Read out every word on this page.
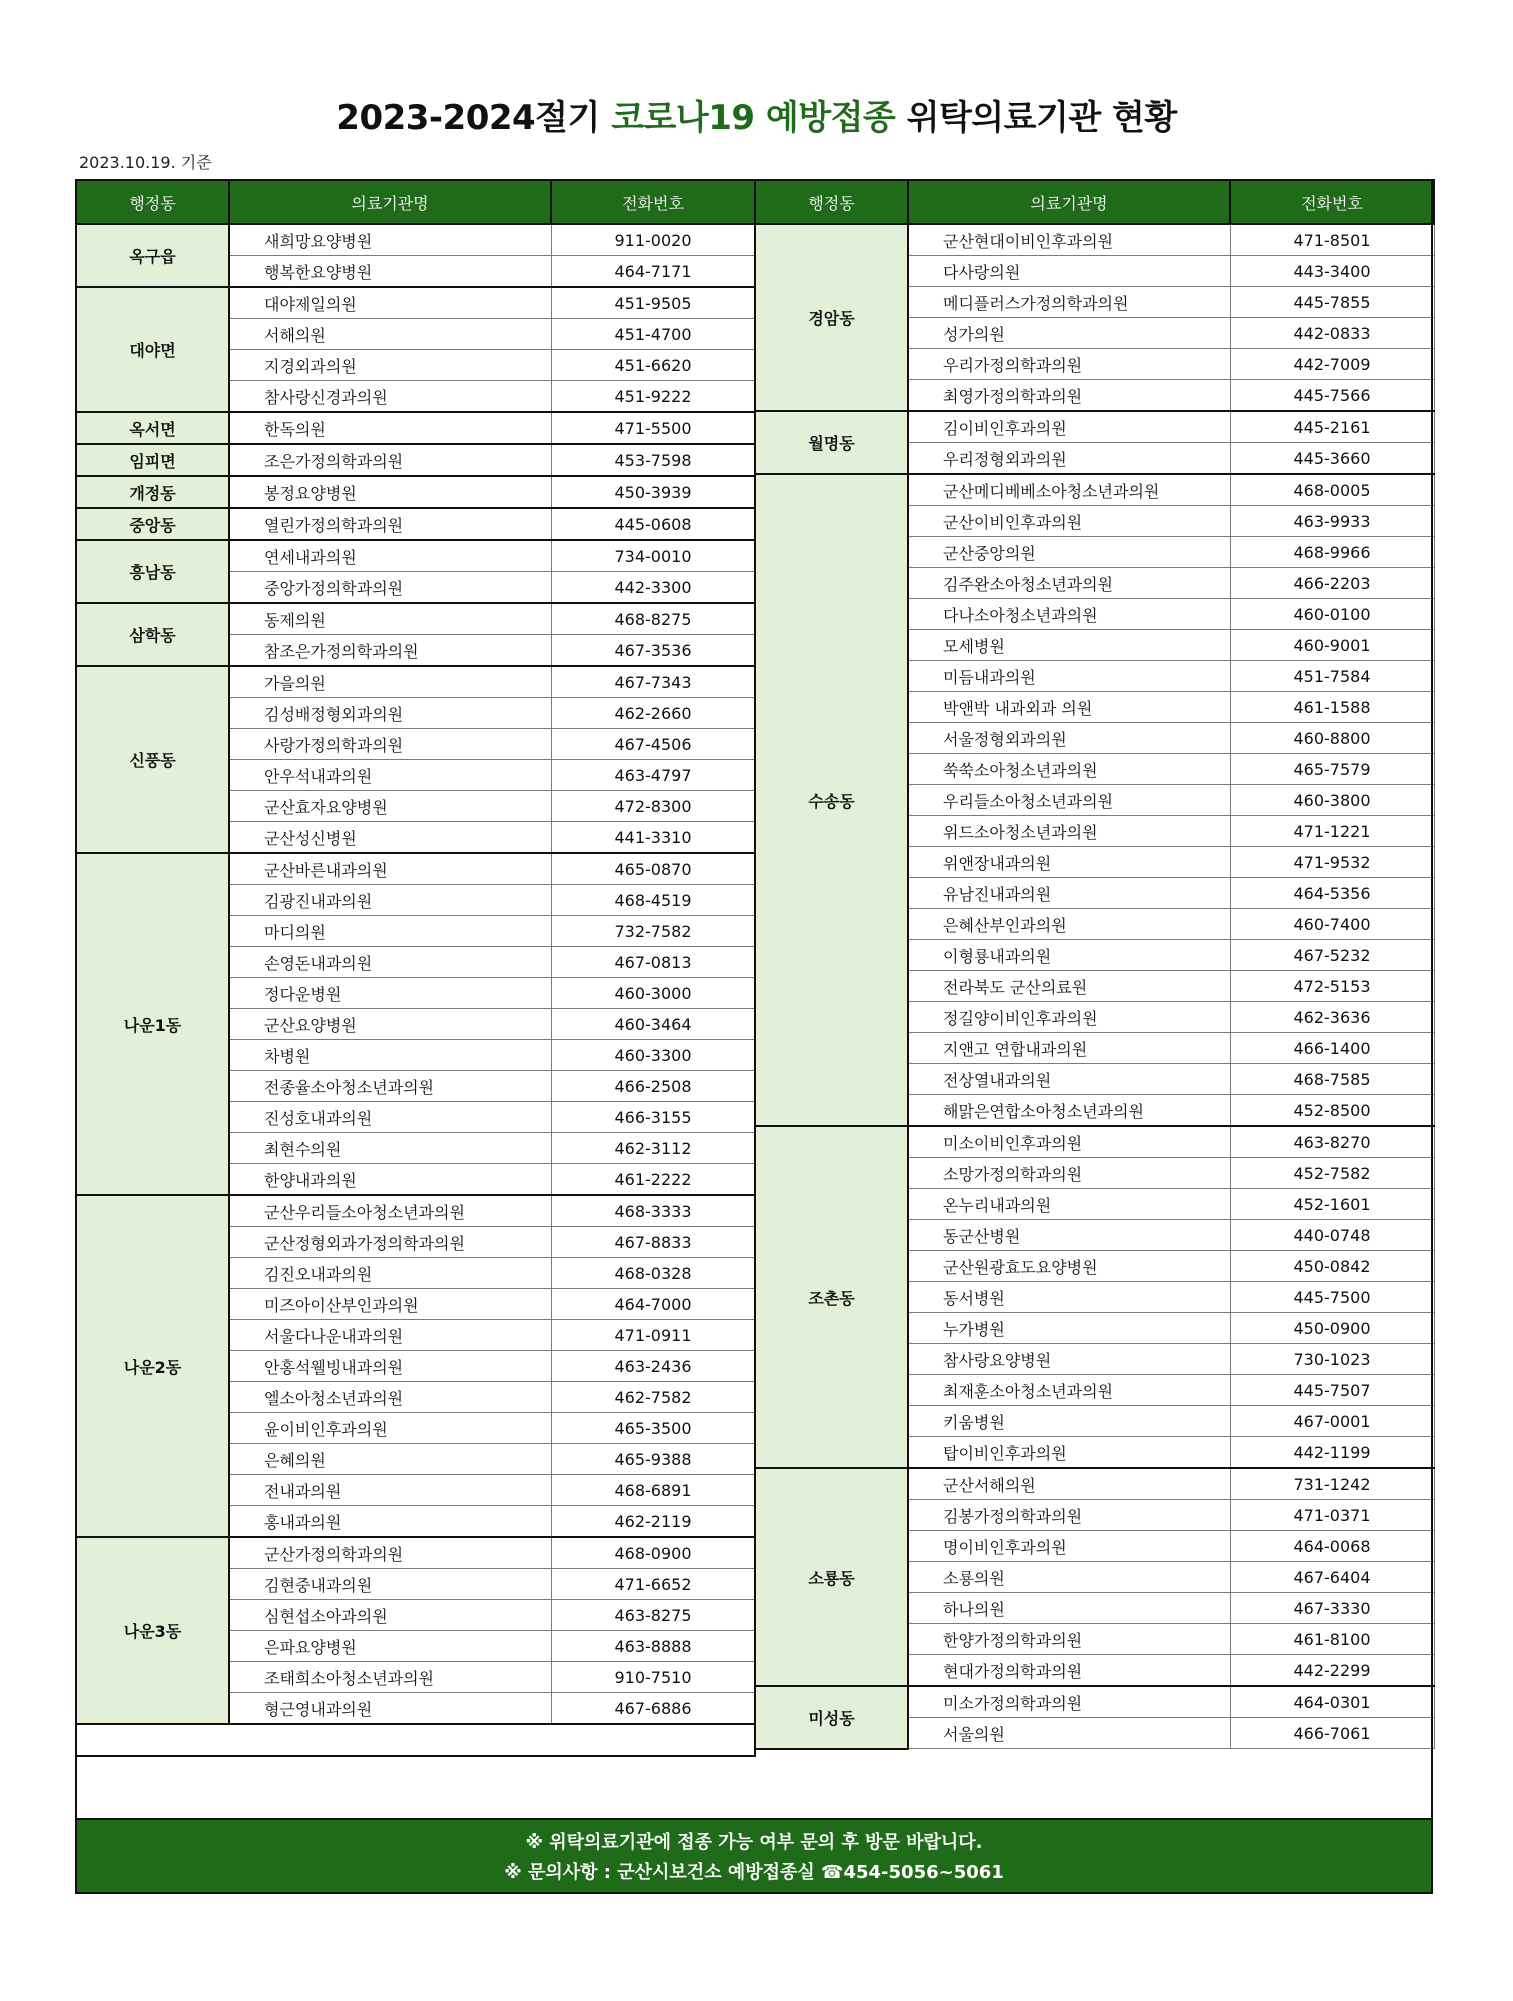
2023-2024절기 코로나19 예방접종 위탁의료기관 현황
2023.10.19. 기준
행정동	의료기관명	전화번호
옥구읍	새희망요양병원	911-0020
	행복한요양병원	464-7171
대야면	대야제일의원	451-9505
	서해의원	451-4700
	지경외과의원	451-6620
	참사랑신경과의원	451-9222
옥서면	한독의원	471-5500
임피면	조은가정의학과의원	453-7598
개정동	봉정요양병원	450-3939
중앙동	열린가정의학과의원	445-0608
흥남동	연세내과의원	734-0010
	중앙가정의학과의원	442-3300
삼학동	동제의원	468-8275
	참조은가정의학과의원	467-3536
신풍동	가을의원	467-7343
	김성배정형외과의원	462-2660
	사랑가정의학과의원	467-4506
	안우석내과의원	463-4797
	군산효자요양병원	472-8300
	군산성신병원	441-3310
나운1동	군산바른내과의원	465-0870
	김광진내과의원	468-4519
	마디의원	732-7582
	손영돈내과의원	467-0813
	정다운병원	460-3000
	군산요양병원	460-3464
	차병원	460-3300
	전종율소아청소년과의원	466-2508
	진성호내과의원	466-3155
	최현수의원	462-3112
	한양내과의원	461-2222
나운2동	군산우리들소아청소년과의원	468-3333
	군산정형외과가정의학과의원	467-8833
	김진오내과의원	468-0328
	미즈아이산부인과의원	464-7000
	서울다나운내과의원	471-0911
	안홍석웰빙내과의원	463-2436
	엘소아청소년과의원	462-7582
	윤이비인후과의원	465-3500
	은혜의원	465-9388
	전내과의원	468-6891
	홍내과의원	462-2119
나운3동	군산가정의학과의원	468-0900
	김현중내과의원	471-6652
	심현섭소아과의원	463-8275
	은파요양병원	463-8888
	조태희소아청소년과의원	910-7510
	형근영내과의원	467-6886

행정동	의료기관명	전화번호
경암동	군산현대이비인후과의원	471-8501
	다사랑의원	443-3400
	메디플러스가정의학과의원	445-7855
	성가의원	442-0833
	우리가정의학과의원	442-7009
	최영가정의학과의원	445-7566
월명동	김이비인후과의원	445-2161
	우리정형외과의원	445-3660
수송동	군산메디베베소아청소년과의원	468-0005
	군산이비인후과의원	463-9933
	군산중앙의원	468-9966
	김주완소아청소년과의원	466-2203
	다나소아청소년과의원	460-0100
	모세병원	460-9001
	미듬내과의원	451-7584
	박앤박 내과외과 의원	461-1588
	서울정형외과의원	460-8800
	쑥쑥소아청소년과의원	465-7579
	우리들소아청소년과의원	460-3800
	위드소아청소년과의원	471-1221
	위앤장내과의원	471-9532
	유남진내과의원	464-5356
	은혜산부인과의원	460-7400
	이형룡내과의원	467-5232
	전라북도 군산의료원	472-5153
	정길양이비인후과의원	462-3636
	지앤고 연합내과의원	466-1400
	전상열내과의원	468-7585
	해맑은연합소아청소년과의원	452-8500
조촌동	미소이비인후과의원	463-8270
	소망가정의학과의원	452-7582
	온누리내과의원	452-1601
	동군산병원	440-0748
	군산원광효도요양병원	450-0842
	동서병원	445-7500
	누가병원	450-0900
	참사랑요양병원	730-1023
	최재훈소아청소년과의원	445-7507
	키움병원	467-0001
	탑이비인후과의원	442-1199
소룡동	군산서해의원	731-1242
	김봉가정의학과의원	471-0371
	명이비인후과의원	464-0068
	소룡의원	467-6404
	하나의원	467-3330
	한양가정의학과의원	461-8100
	현대가정의학과의원	442-2299
미성동	미소가정의학과의원	464-0301
	서울의원	466-7061
※ 위탁의료기관에 접종 가능 여부 문의 후 방문 바랍니다.
※ 문의사항 : 군산시보건소 예방접종실 ☎454-5056~5061
